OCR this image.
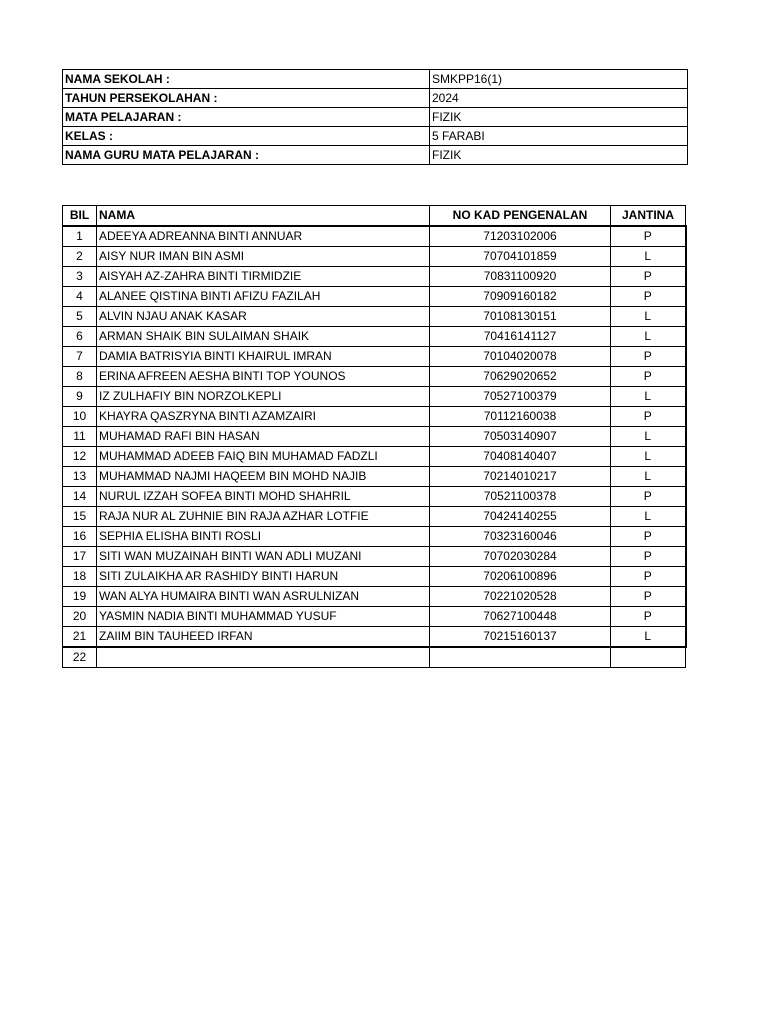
NAMA SEKOLAH :	SMKPP16(1)
TAHUN PERSEKOLAHAN :	2024
MATA PELAJARAN :	FIZIK
KELAS :	5 FARABI
NAMA GURU MATA PELAJARAN :	FIZIK
BIL	NAMA	NO KAD PENGENALAN	JANTINA
1	ADEEYA ADREANNA BINTI ANNUAR	71203102006	P
2	AISY NUR IMAN BIN ASMI	70704101859	L
3	AISYAH AZ-ZAHRA BINTI TIRMIDZIE	70831100920	P
4	ALANEE QISTINA BINTI AFIZU FAZILAH	70909160182	P
5	ALVIN NJAU ANAK KASAR	70108130151	L
6	ARMAN SHAIK BIN SULAIMAN SHAIK	70416141127	L
7	DAMIA BATRISYIA BINTI KHAIRUL IMRAN	70104020078	P
8	ERINA AFREEN AESHA BINTI TOP YOUNOS	70629020652	P
9	IZ ZULHAFIY BIN NORZOLKEPLI	70527100379	L
10	KHAYRA QASZRYNA BINTI AZAMZAIRI	70112160038	P
11	MUHAMAD RAFI BIN HASAN	70503140907	L
12	MUHAMMAD ADEEB FAIQ BIN MUHAMAD FADZLI	70408140407	L
13	MUHAMMAD NAJMI HAQEEM BIN MOHD NAJIB	70214010217	L
14	NURUL IZZAH SOFEA BINTI MOHD SHAHRIL	70521100378	P
15	RAJA NUR AL ZUHNIE BIN RAJA AZHAR LOTFIE	70424140255	L
16	SEPHIA ELISHA BINTI ROSLI	70323160046	P
17	SITI WAN MUZAINAH BINTI WAN ADLI MUZANI	70702030284	P
18	SITI ZULAIKHA AR RASHIDY BINTI HARUN	70206100896	P
19	WAN ALYA HUMAIRA BINTI WAN ASRULNIZAN	70221020528	P
20	YASMIN NADIA BINTI MUHAMMAD YUSUF	70627100448	P
21	ZAIIM BIN TAUHEED IRFAN	70215160137	L
22			
